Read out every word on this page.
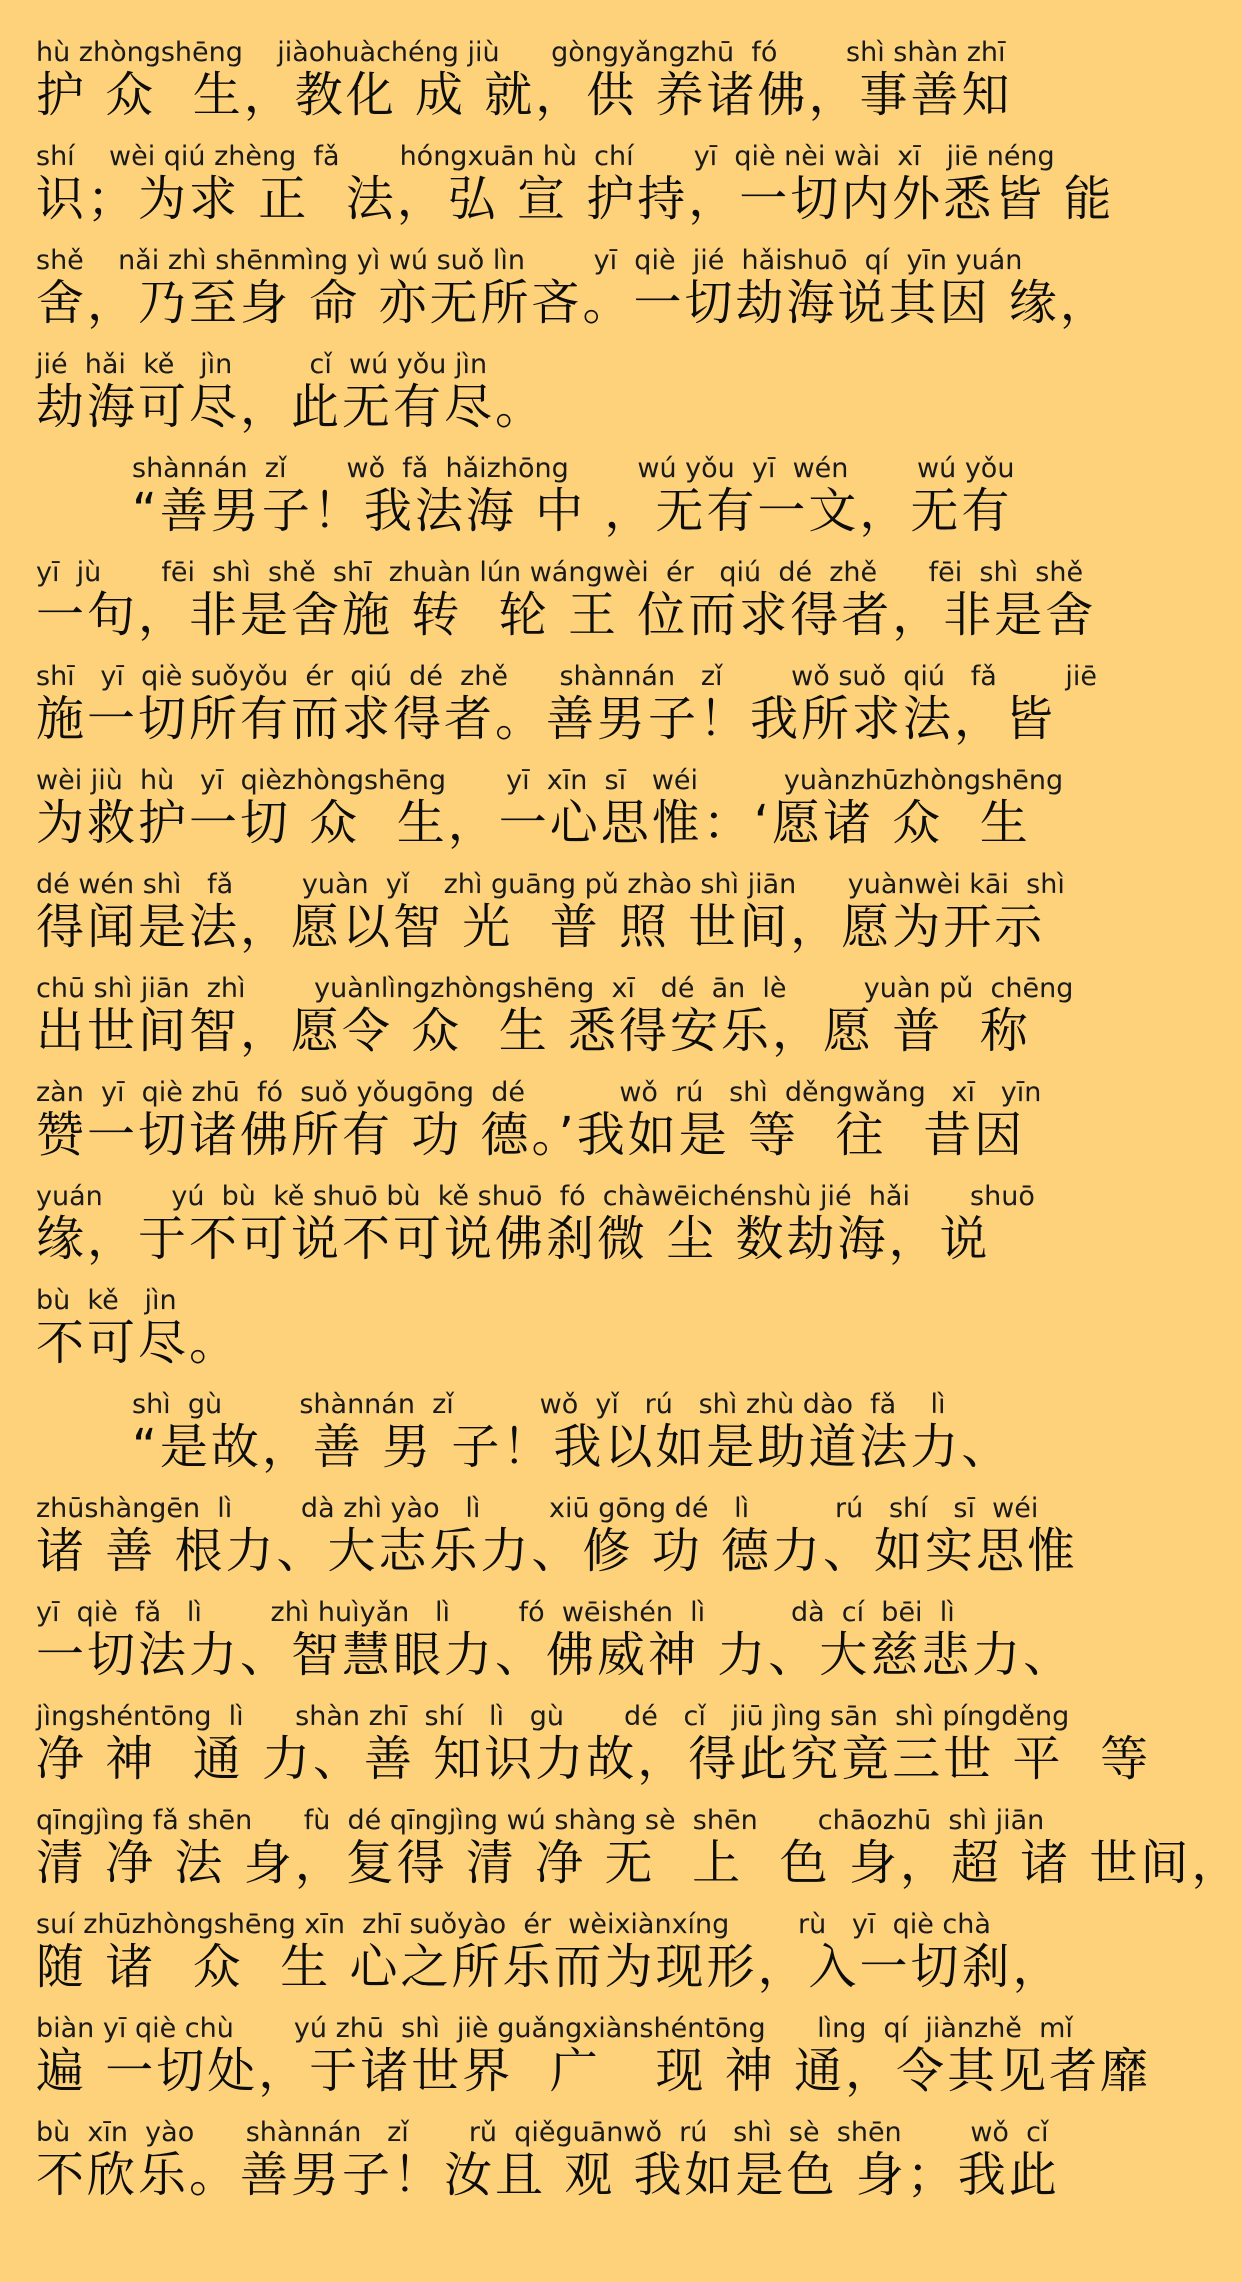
hù zhòngshēng    jiàohuàchéng jiù      gòngyǎngzhū  fó        shì shàn zhī
护 众  生，教化 成 就，供 养诸佛，事善知
shí    wèi qiú zhèng  fǎ       hóngxuān hù  chí       yī  qiè nèi wài  xī   jiē néng
识；为求 正  法，弘 宣 护持，一切内外悉皆 能
shě    nǎi zhì shēnmìng yì wú suǒ lìn        yī  qiè  jié  hǎishuō  qí  yīn yuán
舍，乃至身 命 亦无所吝。一切劫海说其因 缘，
jié  hǎi  kě   jìn         cǐ  wú yǒu jìn
劫海可尽，此无有尽。
shànnán  zǐ       wǒ  fǎ  hǎizhōng        wú yǒu  yī  wén        wú yǒu
“善男子！我法海 中 ，无有一文，无有
yī  jù       fēi  shì  shě  shī  zhuàn lún wángwèi  ér   qiú  dé  zhě      fēi  shì  shě
一句，非是舍施 转  轮 王 位而求得者，非是舍
shī   yī  qiè suǒyǒu  ér  qiú  dé  zhě      shànnán   zǐ        wǒ suǒ  qiú   fǎ        jiē
施一切所有而求得者。善男子！我所求法，皆
wèi jiù  hù   yī  qièzhòngshēng       yī  xīn  sī   wéi          yuànzhūzhòngshēng
为救护一切 众  生，一心思惟：‘愿诸 众  生
dé wén shì   fǎ        yuàn  yǐ    zhì guāng pǔ zhào shì jiān      yuànwèi kāi  shì
得闻是法，愿以智 光  普 照 世间，愿为开示
chū shì jiān  zhì        yuànlìngzhòngshēng  xī   dé  ān  lè         yuàn pǔ  chēng
出世间智，愿令 众  生 悉得安乐，愿 普  称
zàn  yī  qiè zhū  fó  suǒ yǒugōng  dé           wǒ  rú   shì  děngwǎng   xī   yīn
赞一切诸佛所有 功 德。’我如是 等  往  昔因
yuán        yú  bù  kě shuō bù  kě shuō  fó  chàwēichénshù jié  hǎi       shuō
缘，于不可说不可说佛刹微 尘 数劫海，说
bù  kě   jìn
不可尽。
shì  gù         shànnán  zǐ          wǒ  yǐ   rú   shì zhù dào  fǎ    lì
“是故，善 男 子！我以如是助道法力、
zhūshàngēn  lì        dà zhì yào   lì        xiū gōng dé   lì          rú   shí   sī  wéi
诸 善 根力、大志乐力、修 功 德力、如实思惟
yī  qiè  fǎ   lì        zhì huìyǎn   lì        fó  wēishén  lì          dà  cí  bēi  lì
一切法力、智慧眼力、佛威神 力、大慈悲力、
jìngshéntōng  lì      shàn zhī  shí   lì   gù       dé   cǐ   jiū jìng sān  shì píngděng
净 神  通 力、善 知识力故，得此究竟三世 平  等
qīngjìng fǎ shēn      fù  dé qīngjìng wú shàng sè  shēn       chāozhū  shì jiān
清 净 法 身，复得 清 净 无  上  色 身，超 诸 世间，
suí zhūzhòngshēng xīn  zhī suǒyào  ér  wèixiànxíng        rù   yī  qiè chà
随 诸  众  生 心之所乐而为现形，入一切刹，
biàn yī qiè chù       yú zhū  shì  jiè guǎngxiànshéntōng      lìng  qí  jiànzhě  mǐ
遍 一切处，于诸世界  广   现 神 通，令其见者靡
bù  xīn  yào      shànnán   zǐ       rǔ  qiěguānwǒ  rú   shì  sè  shēn        wǒ  cǐ
不欣乐。善男子！汝且 观 我如是色 身；我此
